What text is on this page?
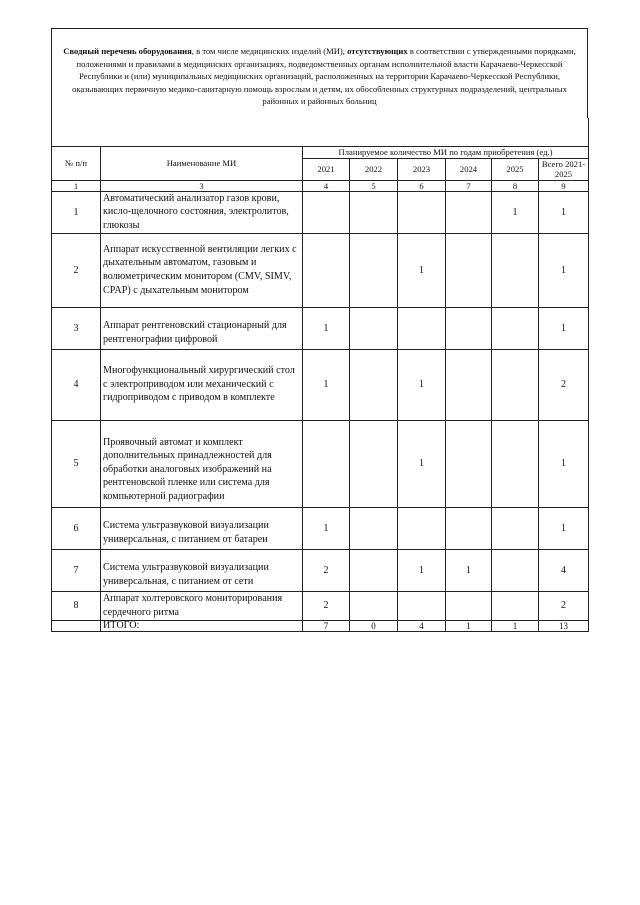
Сводный перечень оборудования, в том числе медицинских изделий (МИ), отсутствующих в соответствии с утвержденными порядками, положениями и правилами в медицинских организациях, подведомственных органам исполнительной власти Карачаево-Черкесской Республики и (или) муниципальных медицинских организаций, расположенных на территории Карачаево-Черкесской Республики, оказывающих первичную медико-санитарную помощь взрослым и детям, их обособленных структурных подразделений, центральных районных и районных больниц

№ п/п	Наименование МИ	Планируемое количество МИ по годам приобретения (ед.)					
		2021	2022	2023	2024	2025	Всего 2021-2025
1	3	4	5	6	7	8	9
1	Автоматический анализатор газов крови, кисло-щелочного состояния, электролитов, глюкозы					1	1
2	Аппарат искусственной вентиляции легких с дыхательным автоматом, газовым и волюметрическим монитором (CMV, SIMV, CPAP) с дыхательным монитором			1			1
3	Аппарат рентгеновский стационарный для рентгенографии цифровой	1					1
4	Многофункциональный хирургический стол с электроприводом или механический с гидроприводом с приводом в комплекте	1		1			2
5	Проявочный автомат и комплект дополнительных принадлежностей для обработки аналоговых изображений на рентгеновской пленке или система для компьютерной радиографии			1			1
6	Система ультразвуковой визуализации универсальная, с питанием от батареи	1					1
7	Система ультразвуковой визуализации универсальная, с питанием от сети	2		1	1		4
8	Аппарат холтеровского мониторирования сердечного ритма	2					2
	ИТОГО:	7	0	4	1	1	13
